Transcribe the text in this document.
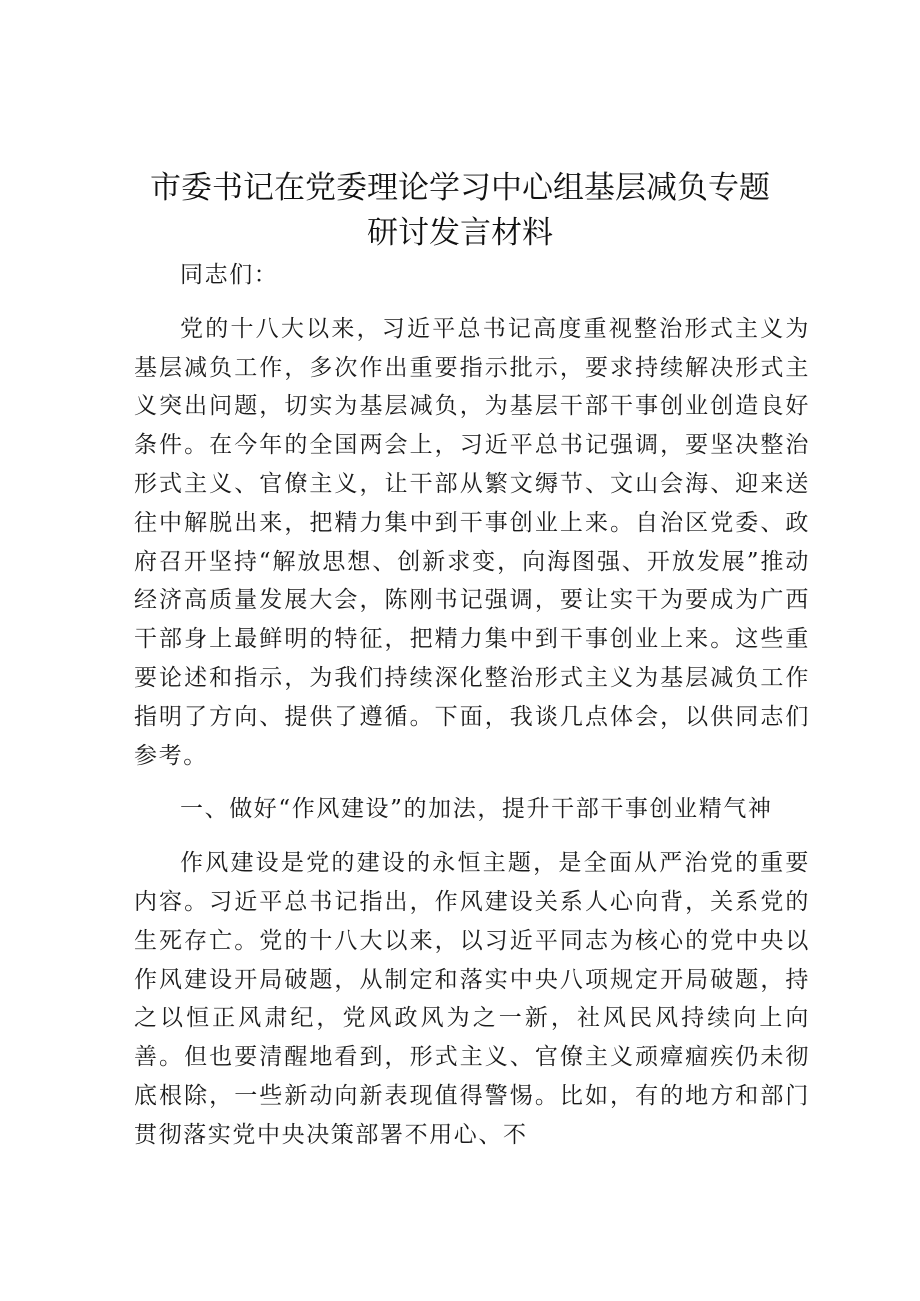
市委书记在党委理论学习中心组基层减负专题
研讨发言材料

同志们：

党的十八大以来，习近平总书记高度重视整治形式主义为基层减负工作，多次作出重要指示批示，要求持续解决形式主义突出问题，切实为基层减负，为基层干部干事创业创造良好条件。在今年的全国两会上，习近平总书记强调，要坚决整治形式主义、官僚主义，让干部从繁文缛节、文山会海、迎来送往中解脱出来，把精力集中到干事创业上来。自治区党委、政府召开坚持“解放思想、创新求变，向海图强、开放发展”推动经济高质量发展大会，陈刚书记强调，要让实干为要成为广西干部身上最鲜明的特征，把精力集中到干事创业上来。这些重要论述和指示，为我们持续深化整治形式主义为基层减负工作指明了方向、提供了遵循。下面，我谈几点体会，以供同志们参考。

一、做好“作风建设”的加法，提升干部干事创业精气神

作风建设是党的建设的永恒主题，是全面从严治党的重要内容。习近平总书记指出，作风建设关系人心向背，关系党的生死存亡。党的十八大以来，以习近平同志为核心的党中央以作风建设开局破题，从制定和落实中央八项规定开局破题，持之以恒正风肃纪，党风政风为之一新，社风民风持续向上向善。但也要清醒地看到，形式主义、官僚主义顽瘴痼疾仍未彻底根除，一些新动向新表现值得警惕。比如，有的地方和部门贯彻落实党中央决策部署不用心、不
